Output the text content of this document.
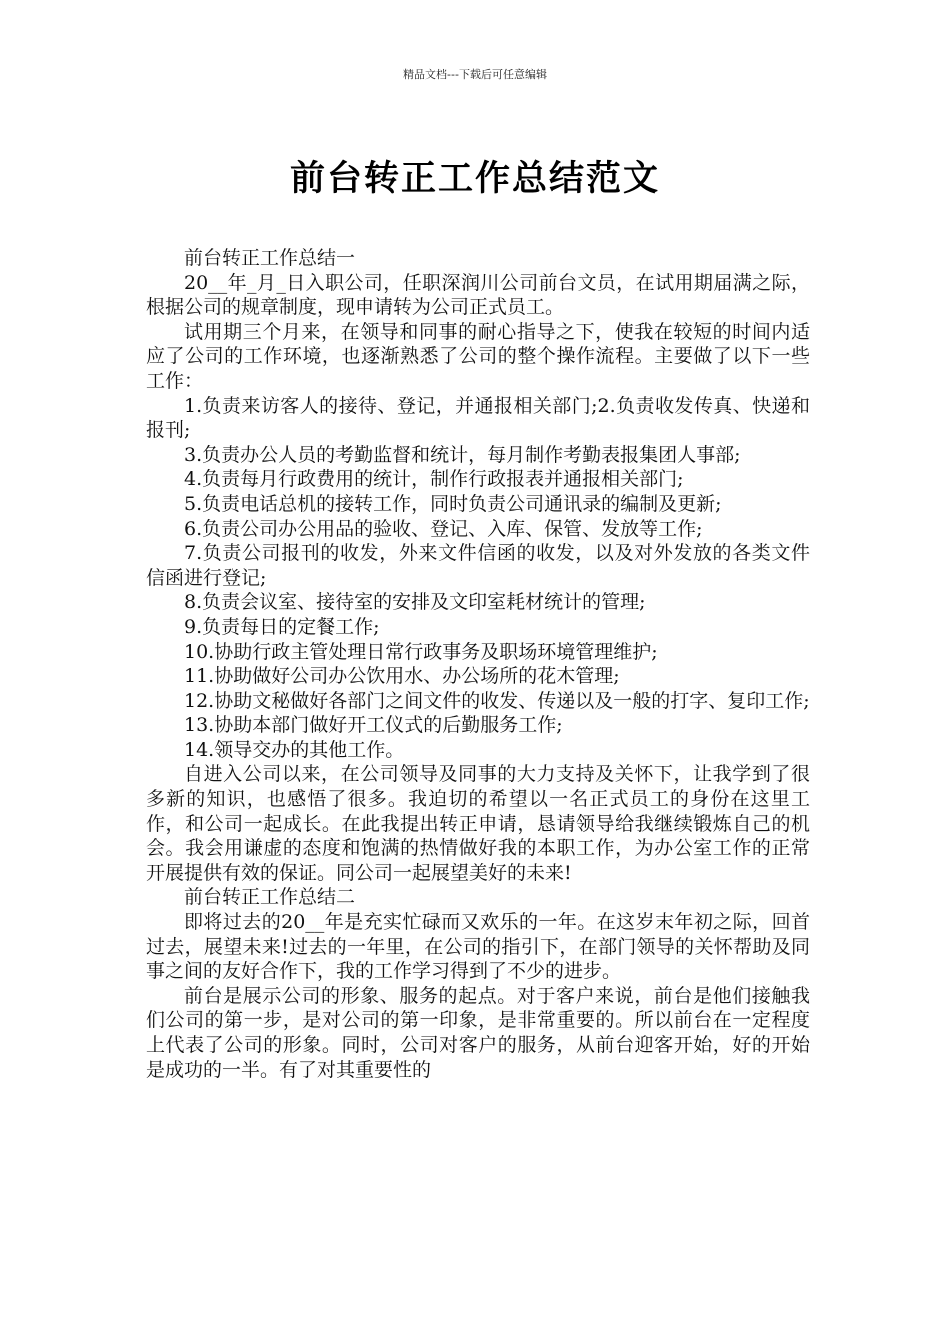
精品文档---下载后可任意编辑
前台转正工作总结范文

前台转正工作总结一

20__年_月_日入职公司，任职深润川公司前台文员，在试用期届满之际，根据公司的规章制度，现申请转为公司正式员工。

试用期三个月来，在领导和同事的耐心指导之下，使我在较短的时间内适应了公司的工作环境，也逐渐熟悉了公司的整个操作流程。主要做了以下一些工作：

1.负责来访客人的接待、登记，并通报相关部门;2.负责收发传真、快递和报刊;

3.负责办公人员的考勤监督和统计，每月制作考勤表报集团人事部;

4.负责每月行政费用的统计，制作行政报表并通报相关部门;

5.负责电话总机的接转工作，同时负责公司通讯录的编制及更新;

6.负责公司办公用品的验收、登记、入库、保管、发放等工作;

7.负责公司报刊的收发，外来文件信函的收发，以及对外发放的各类文件信函进行登记;

8.负责会议室、接待室的安排及文印室耗材统计的管理;

9.负责每日的定餐工作;

10.协助行政主管处理日常行政事务及职场环境管理维护;

11.协助做好公司办公饮用水、办公场所的花木管理;

12.协助文秘做好各部门之间文件的收发、传递以及一般的打字、复印工作;

13.协助本部门做好开工仪式的后勤服务工作;

14.领导交办的其他工作。

自进入公司以来，在公司领导及同事的大力支持及关怀下，让我学到了很多新的知识，也感悟了很多。我迫切的希望以一名正式员工的身份在这里工作，和公司一起成长。在此我提出转正申请，恳请领导给我继续锻炼自己的机会。我会用谦虚的态度和饱满的热情做好我的本职工作，为办公室工作的正常开展提供有效的保证。同公司一起展望美好的未来!

前台转正工作总结二

即将过去的20__年是充实忙碌而又欢乐的一年。在这岁末年初之际，回首过去，展望未来!过去的一年里，在公司的指引下，在部门领导的关怀帮助及同事之间的友好合作下，我的工作学习得到了不少的进步。

前台是展示公司的形象、服务的起点。对于客户来说，前台是他们接触我们公司的第一步，是对公司的第一印象，是非常重要的。所以前台在一定程度上代表了公司的形象。同时，公司对客户的服务，从前台迎客开始，好的开始是成功的一半。有了对其重要性的
